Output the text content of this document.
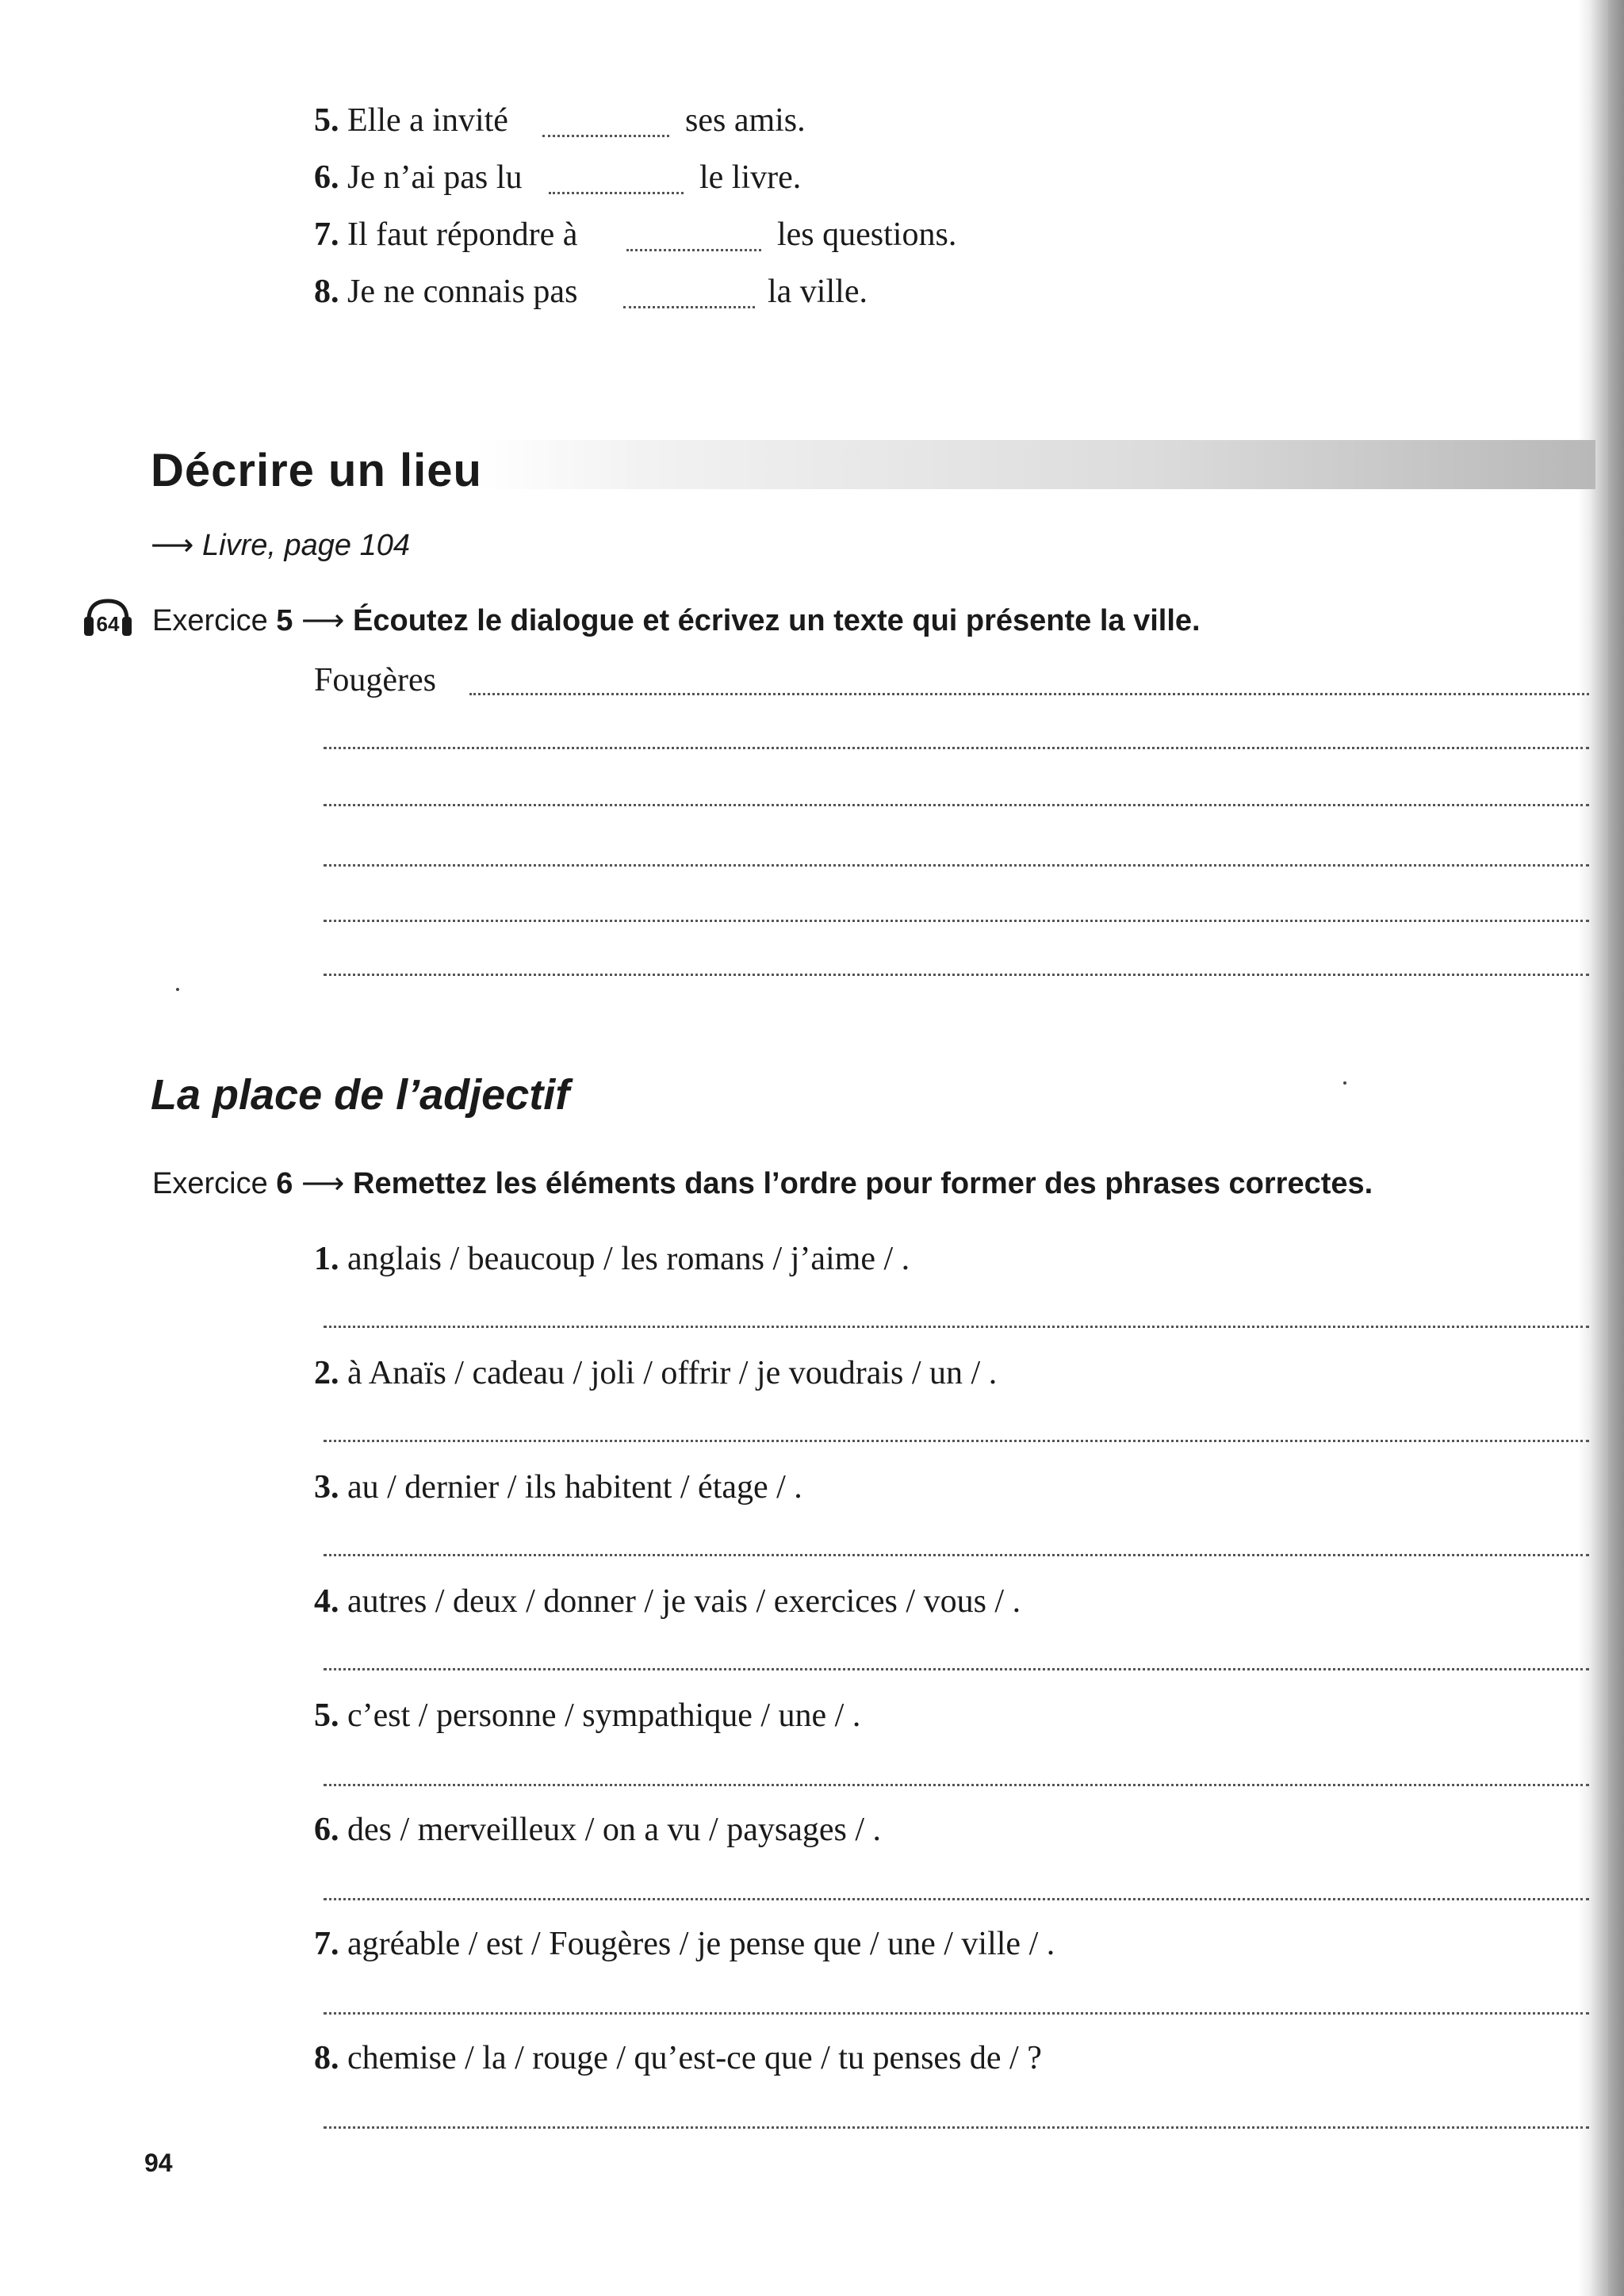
5. Elle a invité	ses amis.
6. Je n’ai pas lu	le livre.
7. Il faut répondre à	les questions.
8. Je ne connais pas	la ville.
Décrire un lieu
⟶ Livre, page 104
64 Exercice 5 ⟶ Écoutez le dialogue et écrivez un texte qui présente la ville.
Fougères
La place de l’adjectif
Exercice 6 ⟶ Remettez les éléments dans l’ordre pour former des phrases correctes.
1. anglais / beaucoup / les romans / j’aime / .
2. à Anaïs / cadeau / joli / offrir / je voudrais / un / .
3. au / dernier / ils habitent / étage / .
4. autres / deux / donner / je vais / exercices / vous / .
5. c’est / personne / sympathique / une / .
6. des / merveilleux / on a vu / paysages / .
7. agréable / est / Fougères / je pense que / une / ville / .
8. chemise / la / rouge / qu’est-ce que / tu penses de / ?
94
